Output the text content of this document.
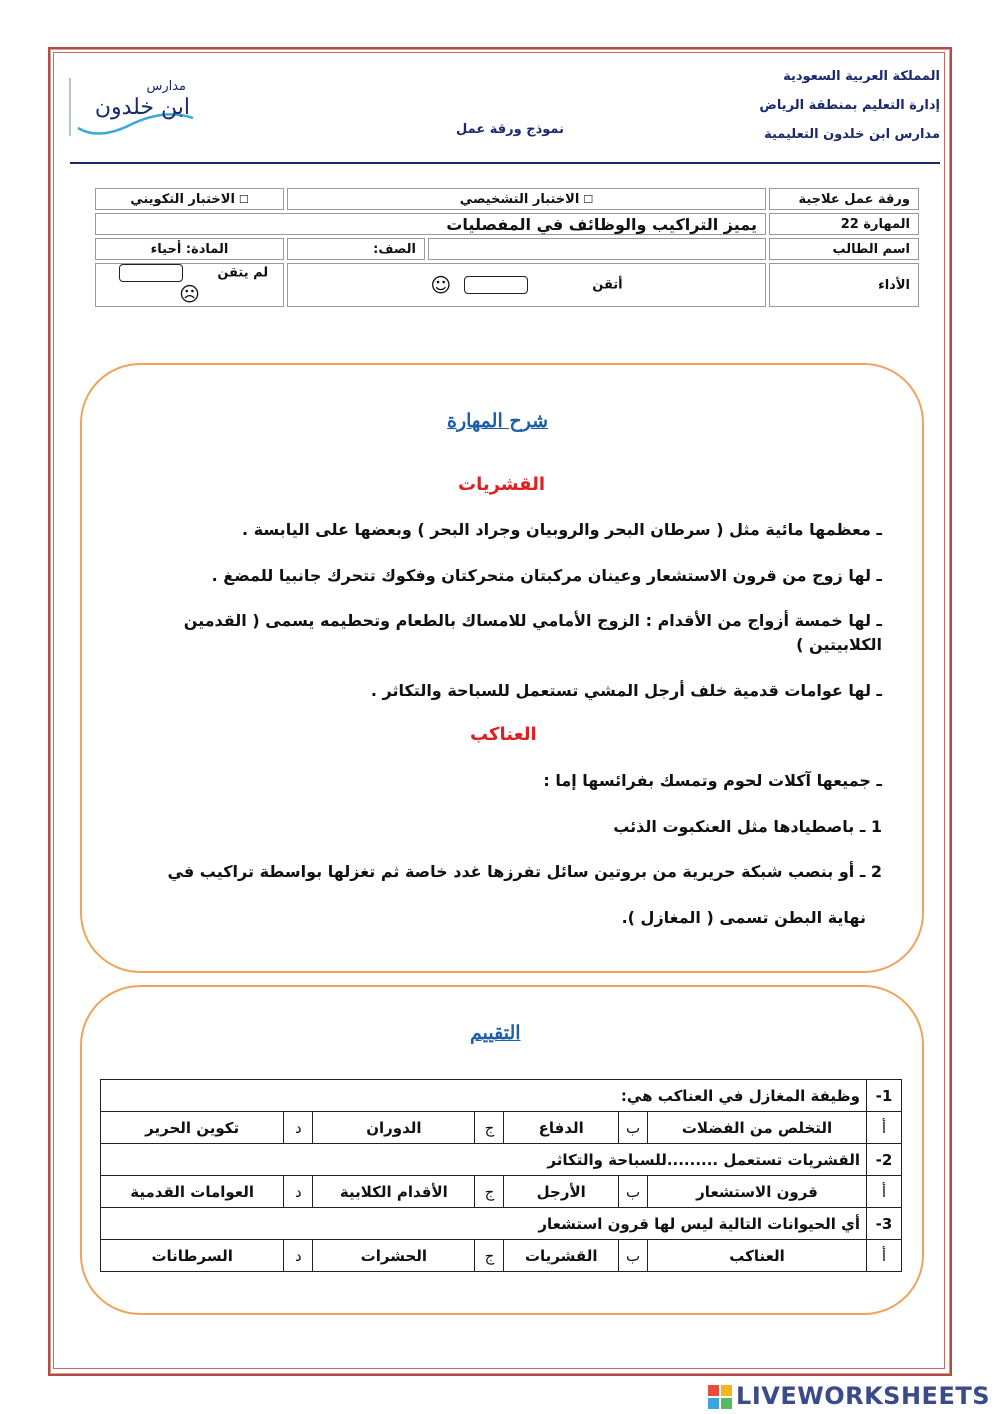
المملكة العربية السعودية
إدارة التعليم بمنطقة الرياض
مدارس ابن خلدون التعليمية
نموذج ورقة عمل
مدارس
ابن خلدون
ورقة عمل علاجية	☐الاختبار التشخيصي		☐الاختبار التكويني
المهارة 22	يميز التراكيب والوظائف في المفصليات		
اسم الطالب		الصف:	المادة: أحياء
الأداء	أتقن  ☺		لم يتقن  ☹
شرح المهارة
القشريات
ـ معظمها مائية مثل ( سرطان البحر والروبيان وجراد البحر ) وبعضها على اليابسة .
ـ لها زوج من قرون الاستشعار وعينان مركبتان متحركتان وفكوك تتحرك جانبيا للمضغ .
ـ لها خمسة أزواج من الأقدام : الزوج الأمامي للامساك بالطعام وتحطيمه يسمى ( القدمين الكلابيتين )
ـ لها عوامات قدمية خلف أرجل المشي تستعمل للسباحة والتكاثر .
العناكب
ـ جميعها آكلات لحوم وتمسك بفرائسها إما :
1 ـ باصطيادها مثل العنكبوت الذئب
2 ـ أو بنصب شبكة حريرية من بروتين سائل تفرزها غدد خاصة ثم تغزلها بواسطة تراكيب في
نهاية البطن تسمى ( المغازل ).
التقييم
1-	وظيفة المغازل في العناكب هي:						
أ	التخلص من الفضلات	ب	الدفاع	ج	الدوران	د	تكوين الحرير
2-	القشريات تستعمل .........للسباحة والتكاثر						
أ	قرون الاستشعار	ب	الأرجل	ج	الأقدام الكلابية	د	العوامات القدمية
3-	أي الحيوانات التالية ليس لها قرون استشعار						
أ	العناكب	ب	القشريات	ج	الحشرات	د	السرطانات
LIVEWORKSHEETS
